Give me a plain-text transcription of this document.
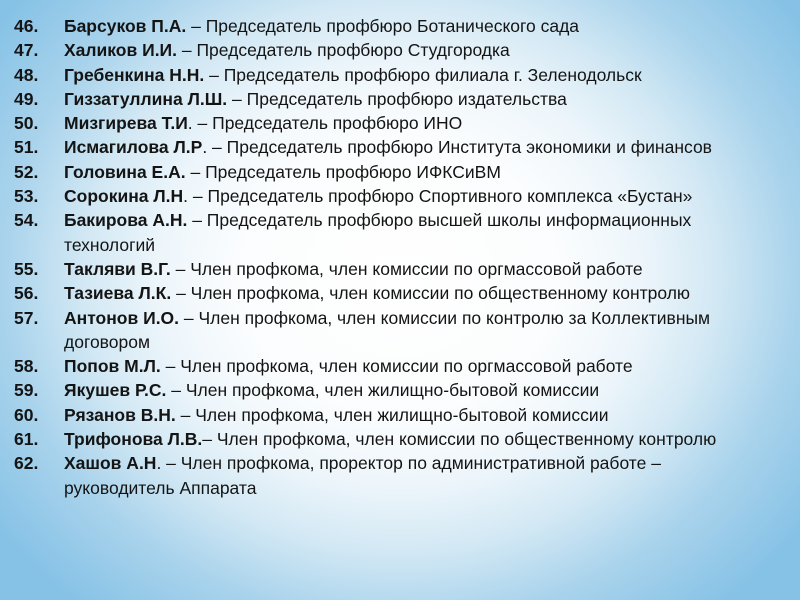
46.	Барсуков П.А. – Председатель профбюро Ботанического сада
47.	Халиков И.И. – Председатель профбюро Студгородка
48.	Гребенкина Н.Н. – Председатель профбюро филиала г. Зеленодольск
49.	Гиззатуллина Л.Ш. – Председатель профбюро издательства
50.	Мизгирева Т.И. – Председатель профбюро ИНО
51.	Исмагилова Л.Р. – Председатель профбюро Института экономики и финансов
52.	Головина Е.А. – Председатель профбюро ИФКСиВМ
53.	Сорокина Л.Н. – Председатель профбюро Спортивного комплекса «Бустан»
54.	Бакирова А.Н. – Председатель профбюро высшей школы информационных технологий
55.	Такляви В.Г. – Член профкома, член комиссии по оргмассовой работе
56.	Тазиева Л.К. – Член профкома, член комиссии по общественному контролю
57.	Антонов И.О. – Член профкома, член комиссии по контролю за Коллективным договором
58.	Попов М.Л. – Член профкома, член комиссии по оргмассовой работе
59.	Якушев Р.С. – Член профкома, член жилищно-бытовой комиссии
60.	Рязанов В.Н. – Член профкома, член жилищно-бытовой комиссии
61.	Трифонова Л.В.– Член профкома, член комиссии по общественному контролю
62.	Хашов А.Н. – Член профкома, проректор по административной работе – руководитель Аппарата
